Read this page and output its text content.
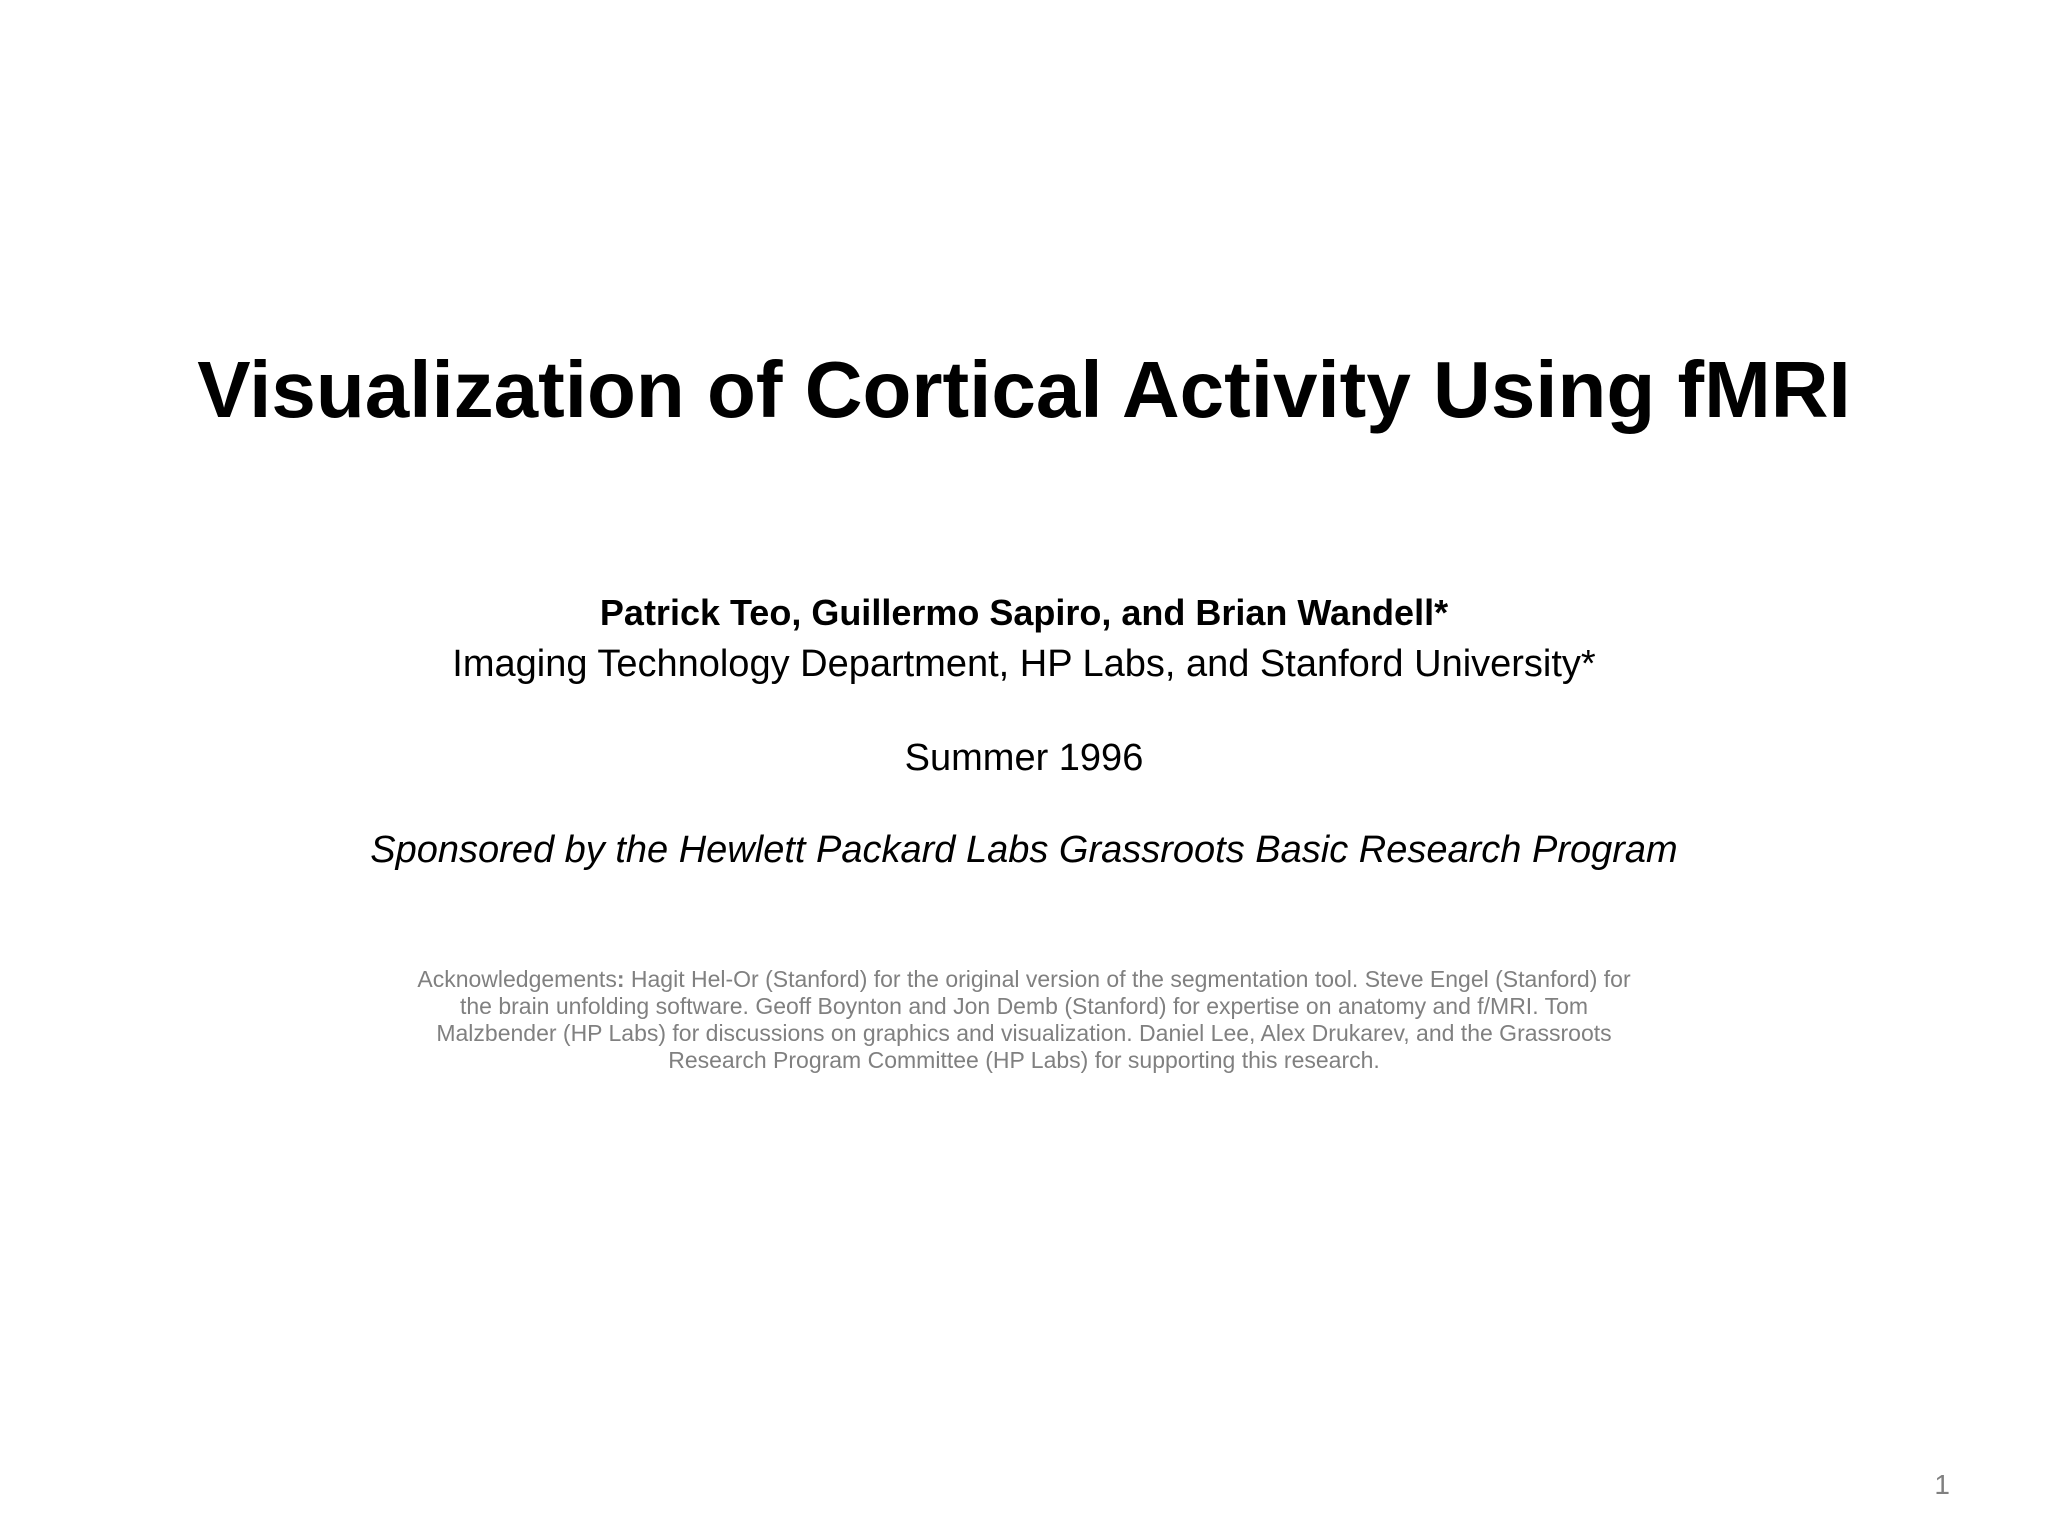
Visualization of Cortical Activity Using fMRI
Patrick Teo, Guillermo Sapiro, and Brian Wandell*
Imaging Technology Department, HP Labs, and Stanford University*
Summer 1996
Sponsored by the Hewlett Packard Labs Grassroots Basic Research Program
Acknowledgements: Hagit Hel-Or (Stanford) for the original version of the segmentation tool. Steve Engel (Stanford) for
the brain unfolding software. Geoff Boynton and Jon Demb (Stanford) for expertise on anatomy and f/MRI. Tom
Malzbender (HP Labs) for discussions on graphics and visualization. Daniel Lee, Alex Drukarev, and the Grassroots
Research Program Committee (HP Labs) for supporting this research.
1
